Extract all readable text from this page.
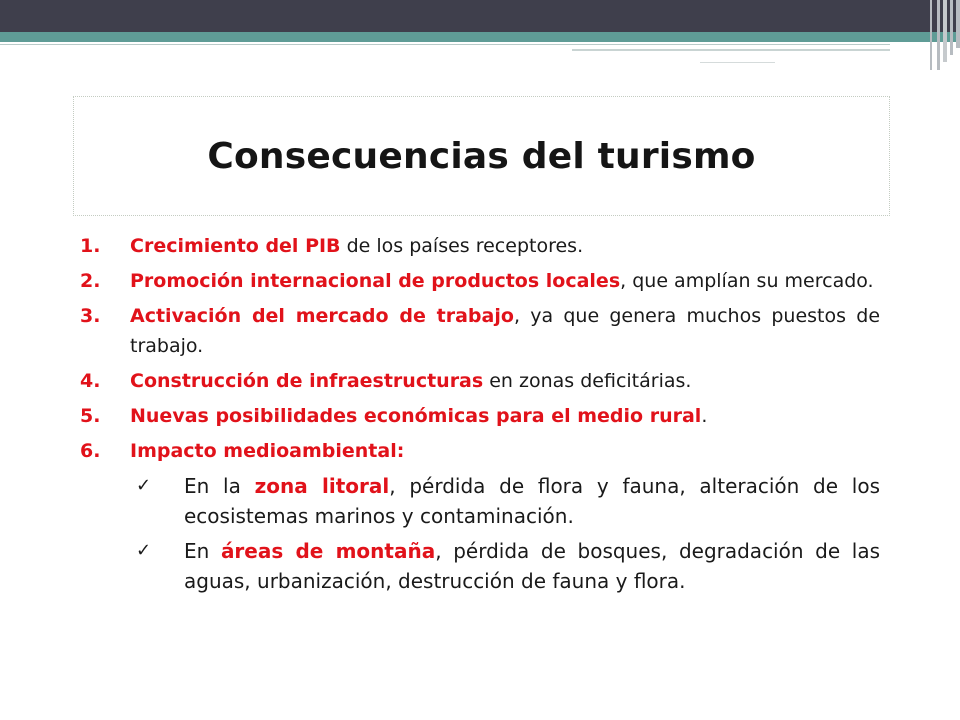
Consecuencias del turismo
1.	Crecimiento del PIB de los países receptores.
2.	Promoción internacional de productos locales, que amplían su mercado.
3.	Activación del mercado de trabajo, ya que genera muchos puestos de trabajo.
4.	Construcción de infraestructuras en zonas deficitárias.
5.	Nuevas posibilidades económicas para el medio rural.
6.	Impacto medioambiental:
✓	En la zona litoral, pérdida de flora y fauna, alteración de los ecosistemas marinos y contaminación.
✓	En áreas de montaña, pérdida de bosques, degradación de las aguas, urbanización, destrucción de fauna y flora.
